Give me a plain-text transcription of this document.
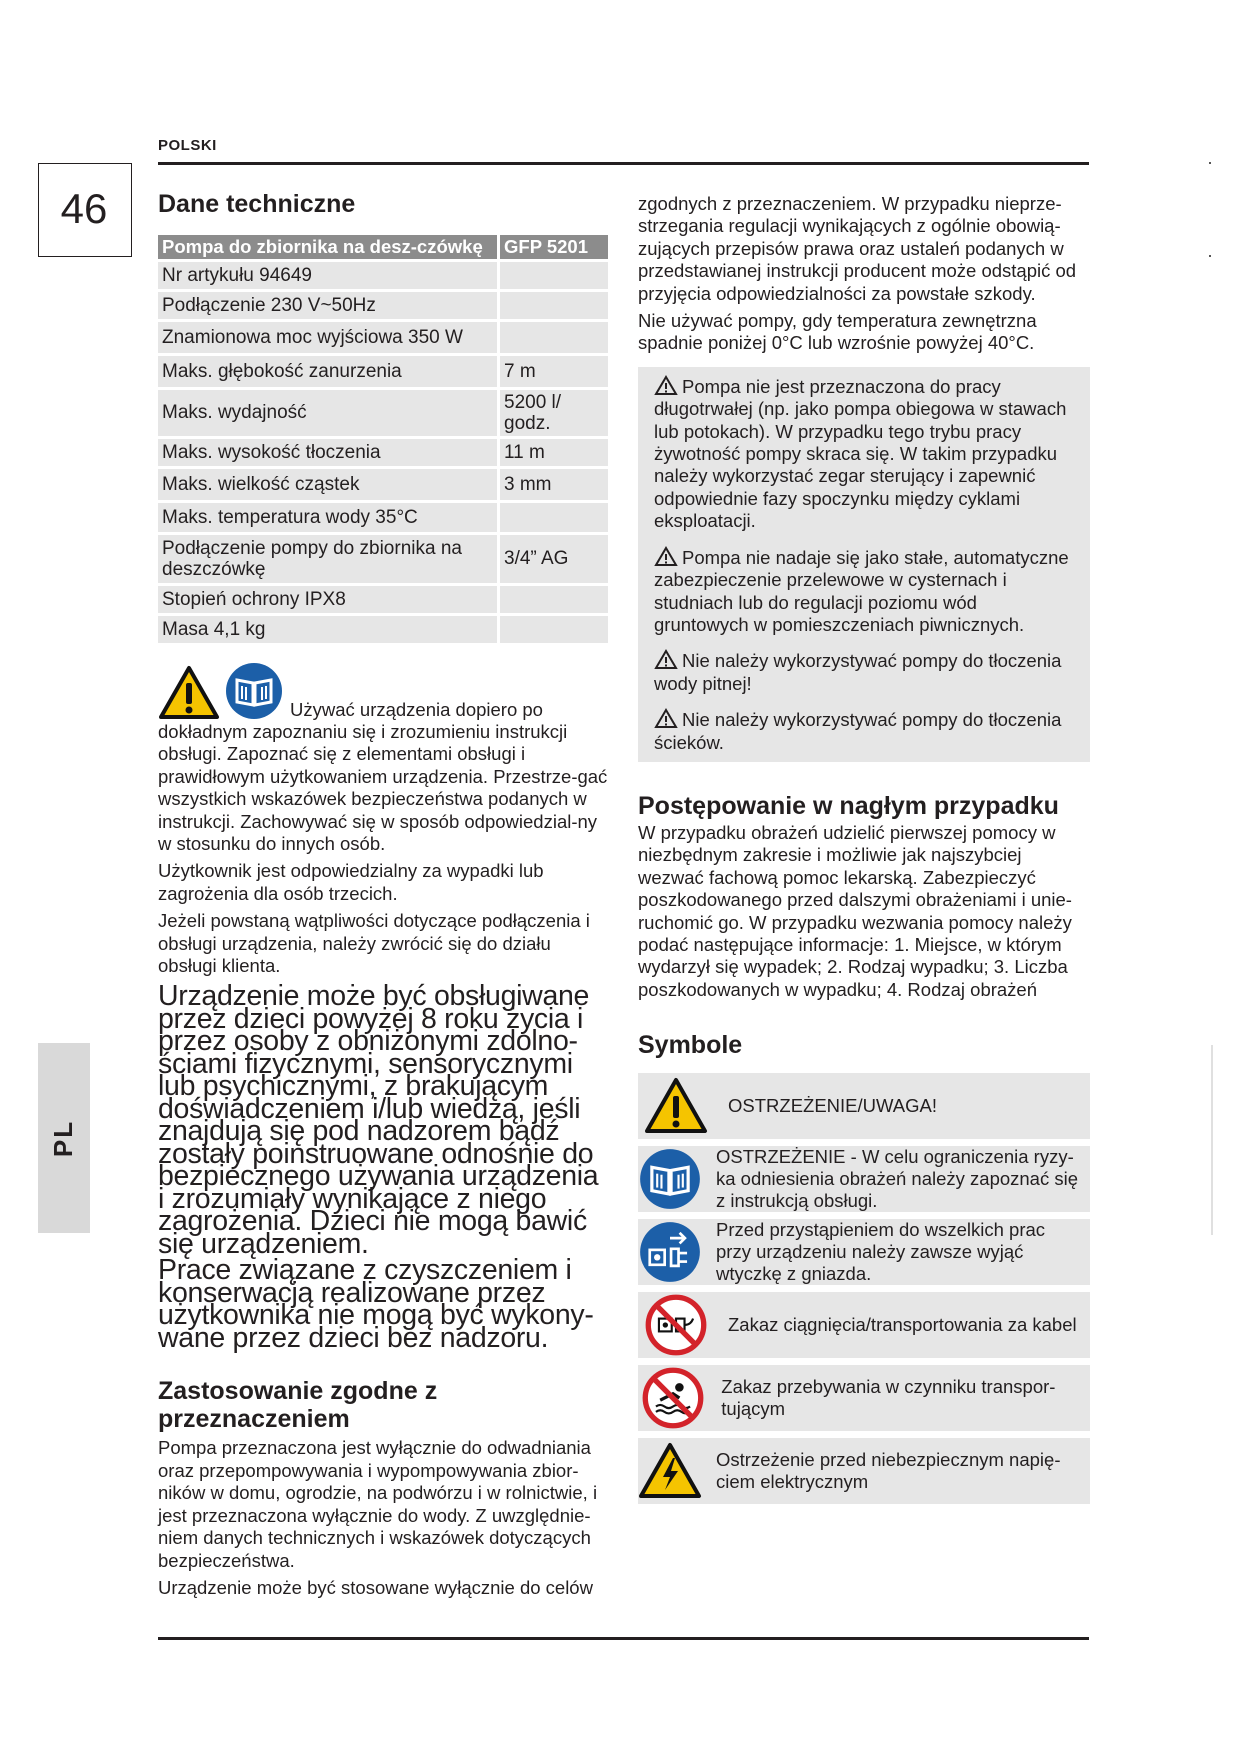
POLSKI
46
PL
Dane techniczne
Pompa do zbiornika na desz-czówkę	GFP 5201
Nr artykułu 94649	
Podłączenie 230 V~50Hz	
Znamionowa moc wyjściowa 350 W	
Maks. głębokość zanurzenia	7 m
Maks. wydajność	5200 l/ godz.
Maks. wysokość tłoczenia	11 m
Maks. wielkość cząstek	3 mm
Maks. temperatura wody 35°C	
Podłączenie pompy do zbiornika na deszczówkę	3/4” AG
Stopień ochrony IPX8	
Masa 4,1 kg	
Używać urządzenia dopiero po

dokładnym zapoznaniu się i zrozumieniu instrukcji obsługi. Zapoznać się z elementami obsługi i prawidłowym użytkowaniem urządzenia. Przestrze-gać wszystkich wskazówek bezpieczeństwa podanych w instrukcji. Zachowywać się w sposób odpowiedzial-ny w stosunku do innych osób.

Użytkownik jest odpowiedzialny za wypadki lub zagrożenia dla osób trzecich.

Jeżeli powstaną wątpliwości dotyczące podłączenia i obsługi urządzenia, należy zwrócić się do działu obsługi klienta.

Urządzenie może być obsługiwane przez dzieci powyżej 8 roku życia i przez osoby z obniżonymi zdolno-ściami fizycznymi, sensorycznymi lub psychicznymi, z brakującym doświadczeniem i/lub wiedzą, jeśli znajdują się pod nadzorem bądź zostały poinstruowane odnośnie do bezpiecznego używania urządzenia i zrozumiały wynikające z niego zagrożenia. Dzieci nie mogą bawić się urządzeniem.

Prace związane z czyszczeniem i konserwacją realizowane przez użytkownika nie mogą być wykony-wane przez dzieci bez nadzoru.

Zastosowanie zgodne z przeznaczeniem

Pompa przeznaczona jest wyłącznie do odwadniania oraz przepompowywania i wypompowywania zbior-ników w domu, ogrodzie, na podwórzu i w rolnictwie, i jest przeznaczona wyłącznie do wody. Z uwzględnie-niem danych technicznych i wskazówek dotyczących bezpieczeństwa.

Urządzenie może być stosowane wyłącznie do celów

zgodnych z przeznaczeniem. W przypadku nieprze-strzegania regulacji wynikających z ogólnie obowią-zujących przepisów prawa oraz ustaleń podanych w przedstawianej instrukcji producent może odstąpić od przyjęcia odpowiedzialności za powstałe szkody.

Nie używać pompy, gdy temperatura zewnętrzna spadnie poniżej 0°C lub wzrośnie powyżej 40°C.

Pompa nie jest przeznaczona do pracy długotrwałej (np. jako pompa obiegowa w stawach lub potokach). W przypadku tego trybu pracy żywotność pompy skraca się. W takim przypadku należy wykorzystać zegar sterujący i zapewnić odpowiednie fazy spoczynku między cyklami eksploatacji.
Pompa nie nadaje się jako stałe, automatyczne zabezpieczenie przelewowe w cysternach i studniach lub do regulacji poziomu wód gruntowych w pomieszczeniach piwnicznych.
Nie należy wykorzystywać pompy do tłoczenia wody pitnej!
Nie należy wykorzystywać pompy do tłoczenia ścieków.
Postępowanie w nagłym przypadku

W przypadku obrażeń udzielić pierwszej pomocy w niezbędnym zakresie i możliwie jak najszybciej wezwać fachową pomoc lekarską. Zabezpieczyć poszkodowanego przed dalszymi obrażeniami i unie-ruchomić go. W przypadku wezwania pomocy należy podać następujące informacje: 1. Miejsce, w którym wydarzył się wypadek; 2. Rodzaj wypadku; 3. Liczba poszkodowanych w wypadku; 4. Rodzaj obrażeń

Symbole
OSTRZEŻENIE/UWAGA!
OSTRZEŻENIE - W celu ograniczenia ryzy-ka odniesienia obrażeń należy zapoznać się z instrukcją obsługi.
Przed przystąpieniem do wszelkich prac przy urządzeniu należy zawsze wyjąć wtyczkę z gniazda.
Zakaz ciągnięcia/transportowania za kabel
Zakaz przebywania w czynniku transpor-tującym
Ostrzeżenie przed niebezpiecznym napię-ciem elektrycznym
